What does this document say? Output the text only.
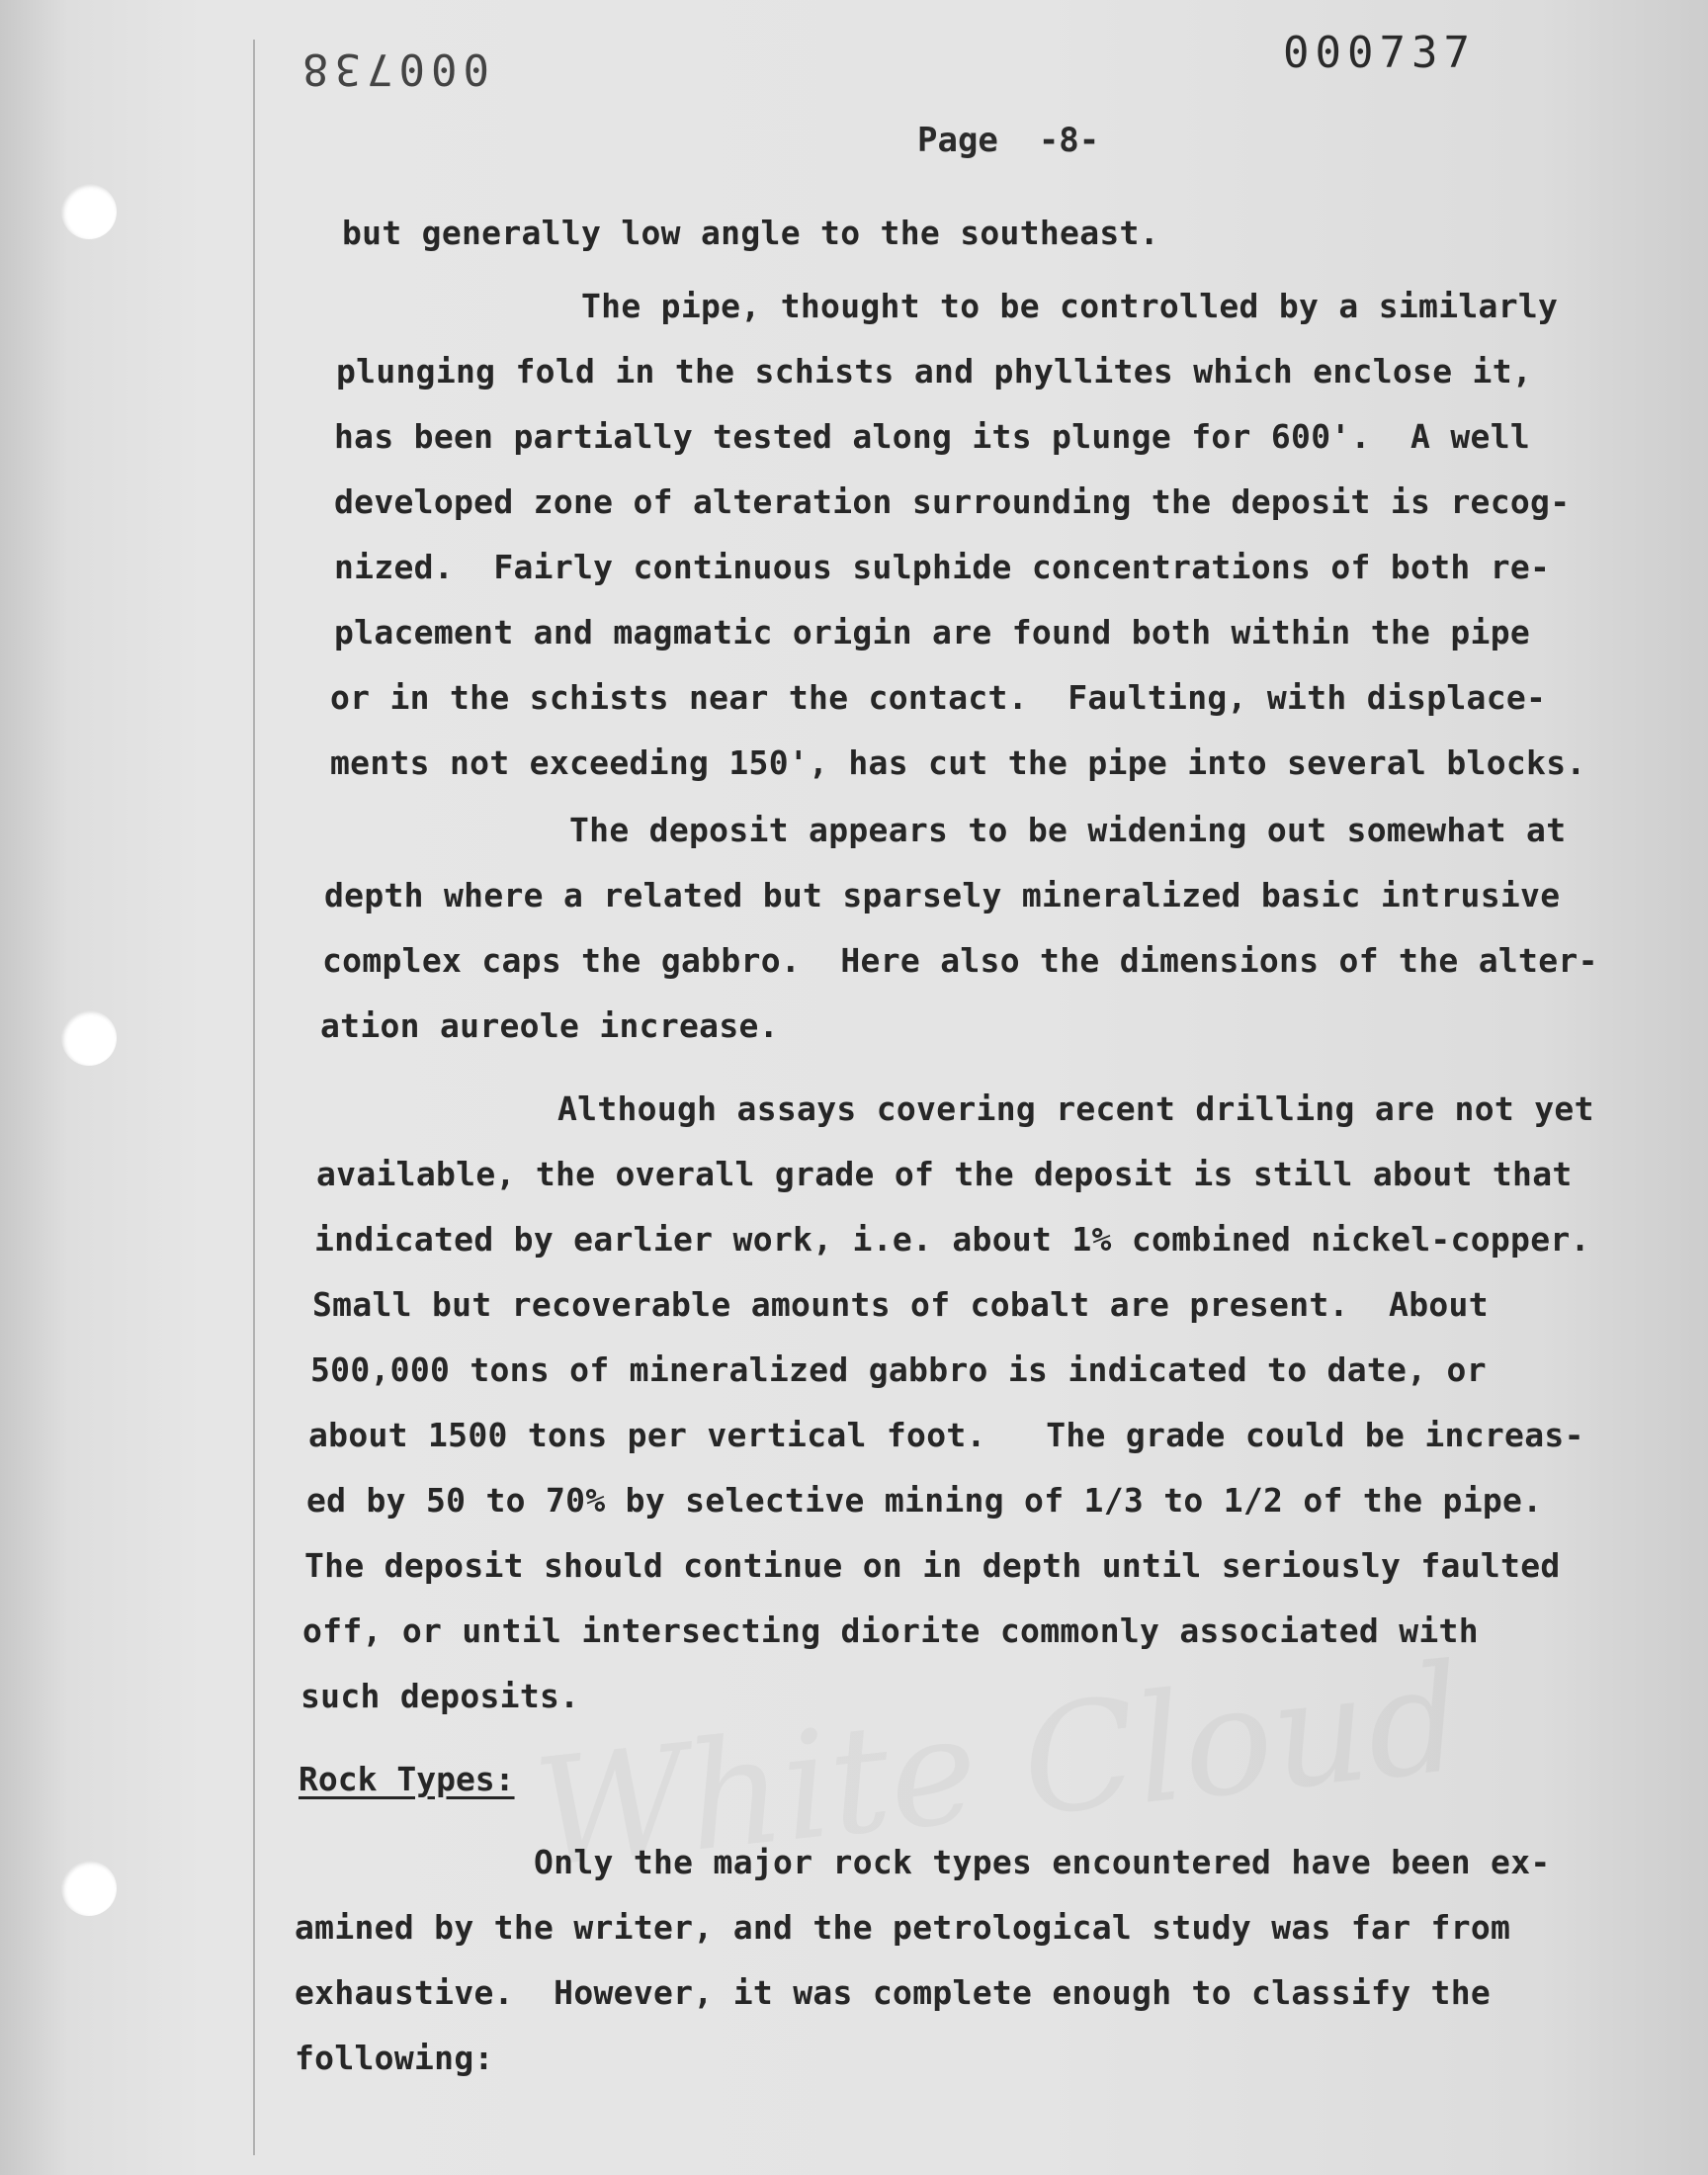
000738	000737
Page  -8-
but generally low angle to the southeast.
The pipe, thought to be controlled by a similarly
plunging fold in the schists and phyllites which enclose it,
has been partially tested along its plunge for 600'.  A well
developed zone of alteration surrounding the deposit is recog-
nized.  Fairly continuous sulphide concentrations of both re-
placement and magmatic origin are found both within the pipe
or in the schists near the contact.  Faulting, with displace-
ments not exceeding 150', has cut the pipe into several blocks.
The deposit appears to be widening out somewhat at
depth where a related but sparsely mineralized basic intrusive
complex caps the gabbro.  Here also the dimensions of the alter-
ation aureole increase.
Although assays covering recent drilling are not yet
available, the overall grade of the deposit is still about that
indicated by earlier work, i.e. about 1% combined nickel-copper.
Small but recoverable amounts of cobalt are present.  About
500,000 tons of mineralized gabbro is indicated to date, or
about 1500 tons per vertical foot.   The grade could be increas-
ed by 50 to 70% by selective mining of 1/3 to 1/2 of the pipe.
The deposit should continue on in depth until seriously faulted
off, or until intersecting diorite commonly associated with
such deposits.
Rock Types:
Only the major rock types encountered have been ex-
amined by the writer, and the petrological study was far from
exhaustive.  However, it was complete enough to classify the
following:
